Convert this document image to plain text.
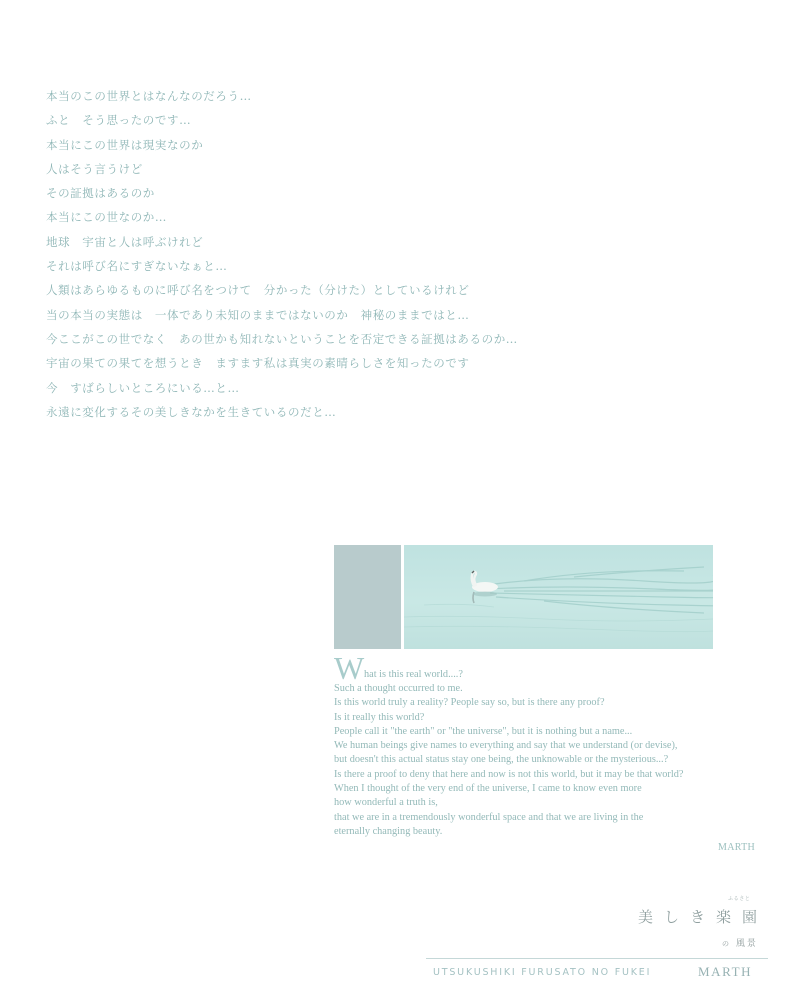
本当のこの世界とはなんなのだろう…
ふと　そう思ったのです…
本当にこの世界は現実なのか
人はそう言うけど
その証拠はあるのか
本当にこの世なのか…
地球　宇宙と人は呼ぶけれど
それは呼び名にすぎないなぁと…
人類はあらゆるものに呼び名をつけて　分かった（分けた）としているけれど
当の本当の実態は　一体であり未知のままではないのか　神秘のままではと…
今ここがこの世でなく　あの世かも知れないということを否定できる証拠はあるのか…
宇宙の果ての果てを想うとき　ますます私は真実の素晴らしさを知ったのです
今　すばらしいところにいる…と…
永遠に変化するその美しきなかを生きているのだと…
W hat is this real world....?
Such a thought occurred to me.
Is this world truly a reality? People say so, but is there any proof?
Is it really this world?
People call it "the earth" or "the universe", but it is nothing but a name...
We human beings give names to everything and say that we understand (or devise),
but doesn't this actual status stay one being, the unknowable or the mysterious...?
Is there a proof to deny that here and now is not this world, but it may be that world?
When I thought of the very end of the universe, I came to know even more
how wonderful a truth is,
that we are in a tremendously wonderful space and that we are living in the
eternally changing beauty.
MARTH
ふるさと
美しき楽園
の 風景
UTSUKUSHIKI FURUSATO NO FUKEI	MARTH
